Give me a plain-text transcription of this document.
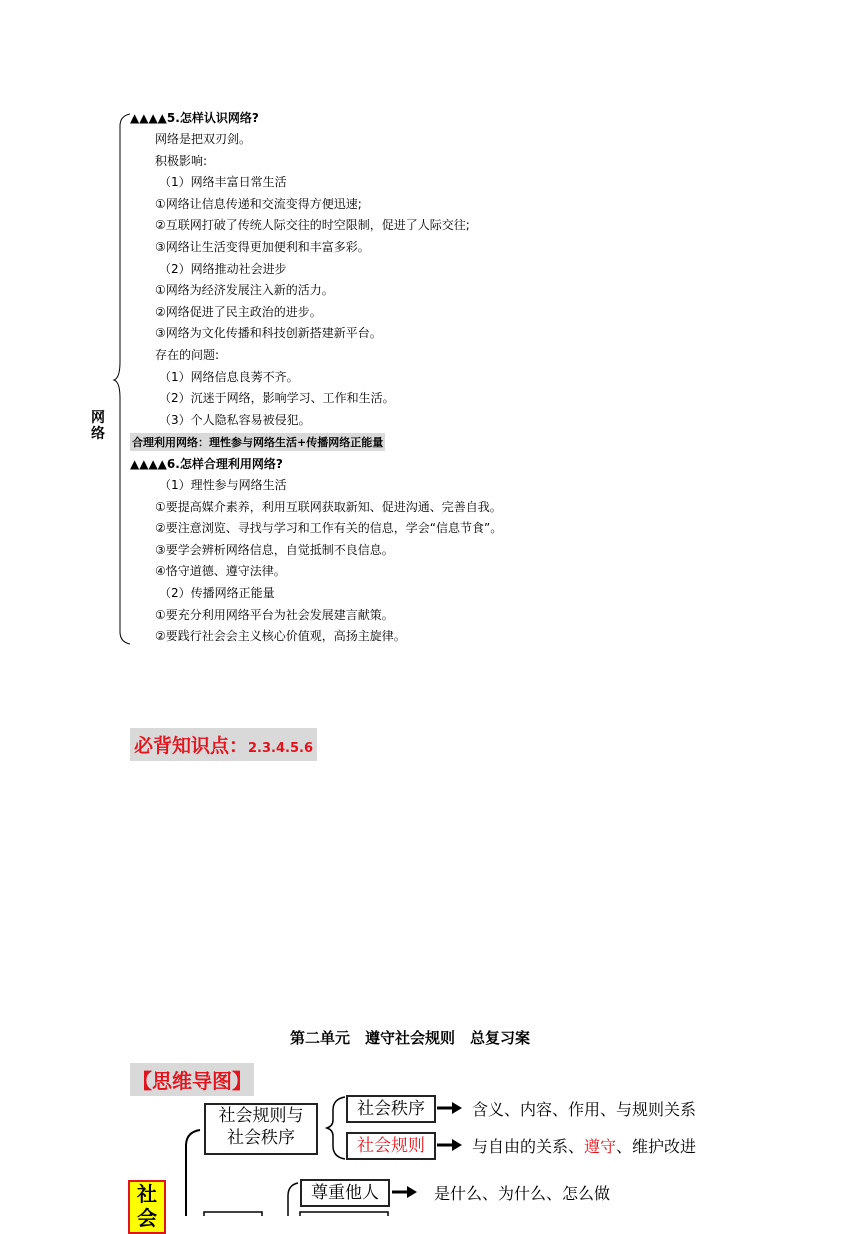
网络
▲▲▲▲5.怎样认识网络?
网络是把双刃剑。
积极影响:
（1）网络丰富日常生活
①网络让信息传递和交流变得方便迅速;
②互联网打破了传统人际交往的时空限制，促进了人际交往;
③网络让生活变得更加便利和丰富多彩。
（2）网络推动社会进步
①网络为经济发展注入新的活力。
②网络促进了民主政治的进步。
③网络为文化传播和科技创新搭建新平台。
存在的问题:
（1）网络信息良莠不齐。
（2）沉迷于网络，影响学习、工作和生活。
（3）个人隐私容易被侵犯。
合理利用网络：理性参与网络生活+传播网络正能量
▲▲▲▲6.怎样合理利用网络?
（1）理性参与网络生活
①要提高媒介素养，利用互联网获取新知、促进沟通、完善自我。
②要注意浏览、寻找与学习和工作有关的信息，学会“信息节食”。
③要学会辨析网络信息，自觉抵制不良信息。
④恪守道德、遵守法律。
（2）传播网络正能量
①要充分利用网络平台为社会发展建言献策。
②要践行社会会主义核心价值观，高扬主旋律。
必背知识点：2.3.4.5.6
第二单元　遵守社会规则　总复习案
【思维导图】
社会
社会规则与
社会秩序
社会秩序	含义、内容、作用、与规则关系
社会规则	与自由的关系、遵守、维护改进
尊重他人	是什么、为什么、怎么做
